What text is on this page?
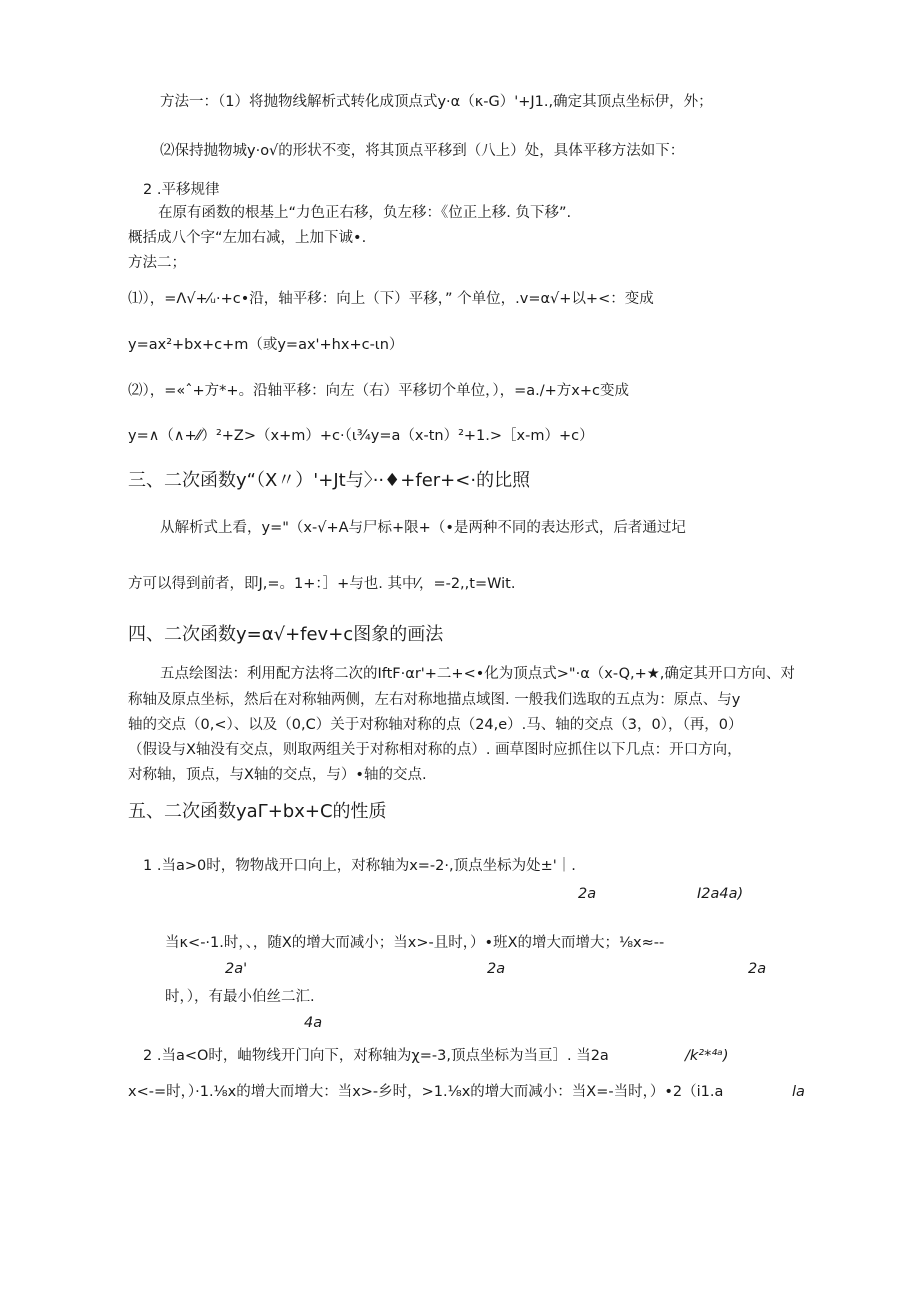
方法一：（1）将抛物线解析式转化成顶点式y·α（κ-G）'+J1.,确定其顶点坐标伊，外；
⑵保持抛物城y·o√的形状不变，将其顶点平移到（八上）处，具体平移方法如下：
2 .平移规律
在原有函数的根基上“力色正右移，负左移：《位正上移. 负下移”.
概括成八个字“左加右减，上加下诚•.
方法二；
⑴），=Λ√+⁄ᵤ·+c•沿，轴平移：向上（下）平移，” 个单位，.v=α√+以+<：变成
y=ax²+bx+c+m（或y=ax'+hx+c-ιn）
⑵），=«ˆ+方*+。沿轴平移：向左（右）平移切个单位，），=a./+方x+c变成
y=∧（∧+⁄⁄）²+Z>（x+m）+c·（ι¾y=a（x-tn）²+1.>［x-m）+c）
三、二次函数y“（X〃）'+Jt与〉··♦+fer+<·的比照
从解析式上看，y="（x-√+A与尸标+限+（•是两种不同的表达形式，后者通过圮
方可以得到前者，即J,=。1+：］+与也. 其中⁄，=-2,,t=Wit.
四、二次函数y=α√+fev+c图象的画法
五点绘图法：利用配方法将二次的IftF·αr'+二+<•化为顶点式>"·α（x-Q,+★,确定其开口方向、对
称轴及原点坐标，然后在对称轴两侧，左右对称地描点域图. 一般我们选取的五点为：原点、与y
轴的交点（0,<）、以及（0,C）关于对称轴对称的点（24,e）.马、轴的交点（3，0），（再，0）
（假设与X轴没有交点，则取两组关于对称相对称的点）. 画草图时应抓住以下几点：开口方向，
对称轴，顶点，与X轴的交点，与）•轴的交点.
五、二次函数yaΓ+bx+C的性质
1 .当a>0时，物物战开口向上，对称轴为x=-2·,顶点坐标为处±'｜.
2a	I2a4a)
当κ<-·1.时，、，随X的增大而减小；当x>-且时，）•班X的增大而增大；⅛x≈--
2a'	2a	2a
时，），有最小伯丝二汇.
4a
2 .当a<O时，岫物线开门向下，对称轴为χ=-3,顶点坐标为当亘］. 当2a	/k²*⁴ᵃ)
x<-=时，）·1.⅛x的增大而增大：当x>-乡时，>1.⅛x的增大而减小：当X=-当时，）•2（i1.a	la
